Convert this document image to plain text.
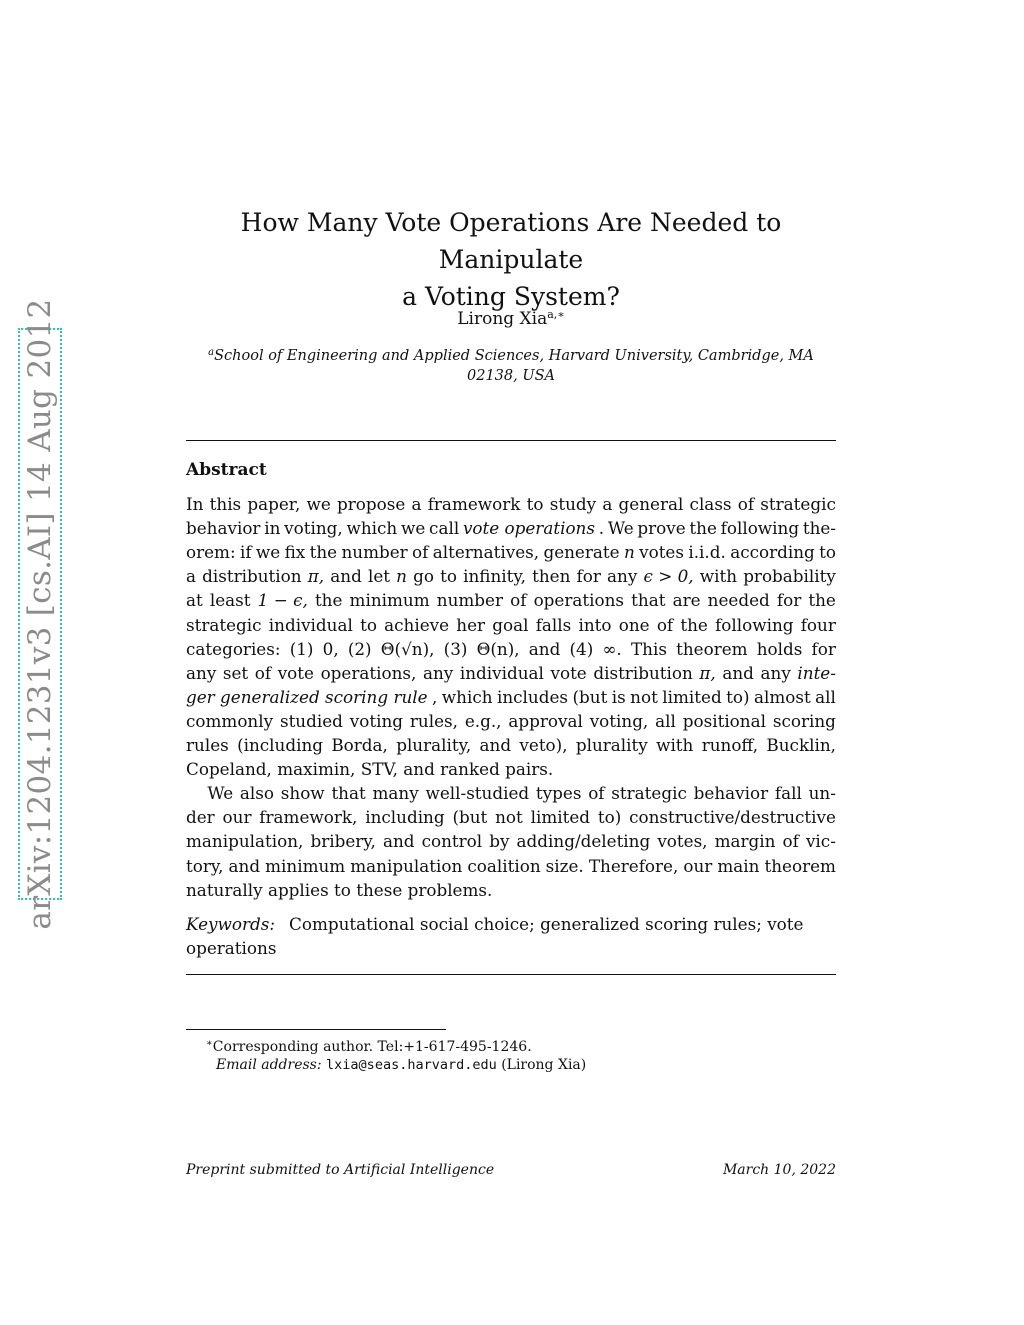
arXiv:1204.1231v3 [cs.AI] 14 Aug 2012
How Many Vote Operations Are Needed to Manipulate
a Voting System?
Lirong Xia$^{a,∗}$
$^a$School of Engineering and Applied Sciences, Harvard University, Cambridge, MA
02138, USA
Abstract
In this paper, we propose a framework to study a general class of strategic
behavior in voting, which we call vote operations . We prove the following the-
orem: if we fix the number of alternatives, generate n votes i.i.d. according to
a distribution π, and let n go to infinity, then for any ϵ > 0, with probability
at least 1 − ϵ, the minimum number of operations that are needed for the
strategic individual to achieve her goal falls into one of the following four
categories: (1) 0, (2) Θ(√n), (3) Θ(n), and (4) ∞. This theorem holds for
any set of vote operations, any individual vote distribution π, and any inte-
ger generalized scoring rule , which includes (but is not limited to) almost all
commonly studied voting rules, e.g., approval voting, all positional scoring
rules (including Borda, plurality, and veto), plurality with runoff, Bucklin,
Copeland, maximin, STV, and ranked pairs.
We also show that many well-studied types of strategic behavior fall un-
der our framework, including (but not limited to) constructive/destructive
manipulation, bribery, and control by adding/deleting votes, margin of vic-
tory, and minimum manipulation coalition size. Therefore, our main theorem
naturally applies to these problems.
Keywords: Computational social choice; generalized scoring rules; vote
operations
∗Corresponding author. Tel:+1-617-495-1246.
Email address: lxia@seas.harvard.edu (Lirong Xia)
Preprint submitted to Artificial Intelligence	March 10, 2022
